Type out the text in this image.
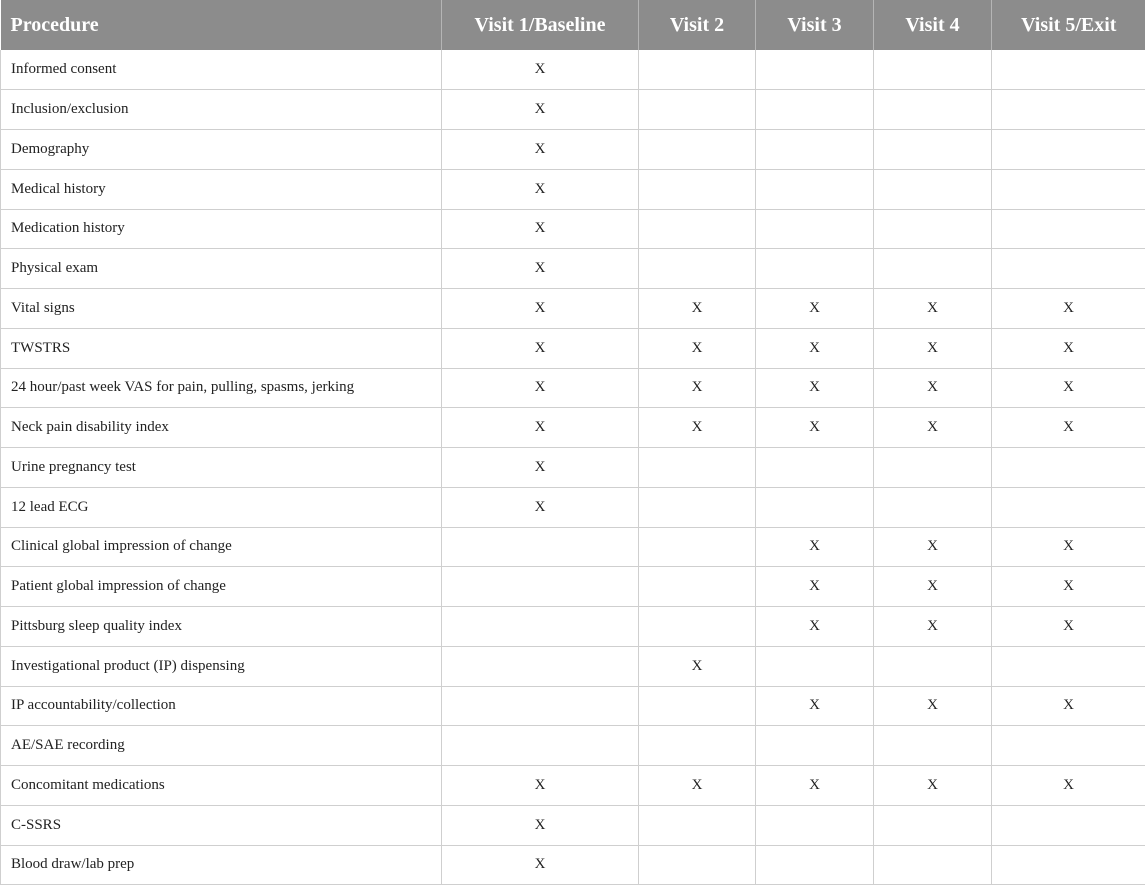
Procedure	Visit 1/Baseline	Visit 2	Visit 3	Visit 4	Visit 5/Exit
Informed consent	X				
Inclusion/exclusion	X				
Demography	X				
Medical history	X				
Medication history	X				
Physical exam	X				
Vital signs	X	X	X	X	X
TWSTRS	X	X	X	X	X
24 hour/past week VAS for pain, pulling, spasms, jerking	X	X	X	X	X
Neck pain disability index	X	X	X	X	X
Urine pregnancy test	X				
12 lead ECG	X				
Clinical global impression of change			X	X	X
Patient global impression of change			X	X	X
Pittsburg sleep quality index			X	X	X
Investigational product (IP) dispensing		X			
IP accountability/collection			X	X	X
AE/SAE recording					
Concomitant medications	X	X	X	X	X
C-SSRS	X				
Blood draw/lab prep	X				
